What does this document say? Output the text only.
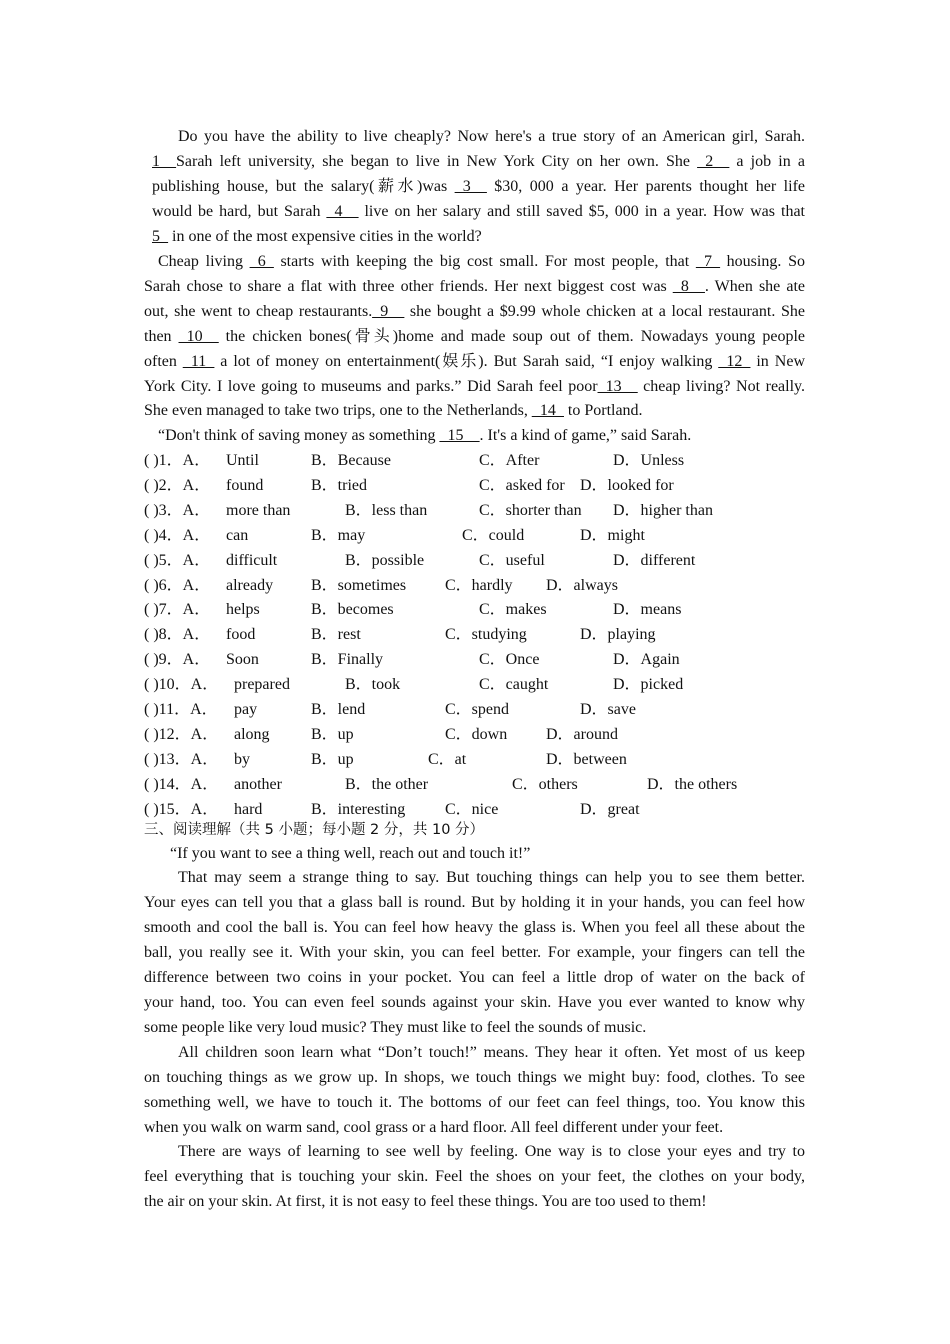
Do you have the ability to live cheaply? Now here's a true story of an American girl, Sarah.
1__Sarah left university, she began to live in New York City on her own. She _2__ a job in a
publishing house, but the salary(薪水)was _3__ $30, 000 a year. Her parents thought her life
would be hard, but Sarah _4__ live on her salary and still saved $5, 000 in a year. How was that
5_ in one of the most expensive cities in the world?
Cheap living _6_ starts with keeping the big cost small. For most people, that _7_ housing. So
Sarah chose to share a flat with three other friends. Her next biggest cost was _8__. When she ate
out, she went to cheap restaurants._9__ she bought a $9.99 whole chicken at a local restaurant. She
then _10__ the chicken bones(骨头)home and made soup out of them. Nowadays young people
often _11_ a lot of money on entertainment(娱乐). But Sarah said, “I enjoy walking _12_ in New
York City. I love going to museums and parks.” Did Sarah feel poor_13__ cheap living? Not really.
She even managed to take two trips, one to the Netherlands, _14_ to Portland.
“Don't think of saving money as something _15__. It's a kind of game,” said Sarah.
( )1．A． Until	B．Because	C．After	D．Unless
( )2．A． found	B．tried	C．asked for D．looked for
( )3．A． more than	B．less than	C．shorter than D．higher than
( )4．A． can	B．may	C．could	D．might
( )5．A． difficult	B．possible	C．useful	D．different
( )6．A． already B．sometimes C．hardly D．always
( )7．A． helps	B．becomes	C．makes	D．means
( )8．A． food	B．rest	C．studying	D．playing
( )9．A． Soon	B．Finally	C．Once	D．Again
( )10．A． prepared	B．took	C．caught	D．picked
( )11．A． pay	B．lend	C．spend	D．save
( )12．A． along	B．up	C．down D．around
( )13．A． by	B．up	C．at	D．between
( )14．A． another	B．the other	C．others	D．the others
( )15．A． hard	B．interesting C．nice	D．great
三、阅读理解（共 5 小题；每小题 2 分，共 10 分）
“If you want to see a thing well, reach out and touch it!”
That may seem a strange thing to say. But touching things can help you to see them better.
Your eyes can tell you that a glass ball is round. But by holding it in your hands, you can feel how
smooth and cool the ball is. You can feel how heavy the glass is. When you feel all these about the
ball, you really see it. With your skin, you can feel better. For example, your fingers can tell the
difference between two coins in your pocket. You can feel a little drop of water on the back of
your hand, too. You can even feel sounds against your skin. Have you ever wanted to know why
some people like very loud music? They must like to feel the sounds of music.
All children soon learn what “Don’t touch!” means. They hear it often. Yet most of us keep
on touching things as we grow up. In shops, we touch things we might buy: food, clothes. To see
something well, we have to touch it. The bottoms of our feet can feel things, too. You know this
when you walk on warm sand, cool grass or a hard floor. All feel different under your feet.
There are ways of learning to see well by feeling. One way is to close your eyes and try to
feel everything that is touching your skin. Feel the shoes on your feet, the clothes on your body,
the air on your skin. At first, it is not easy to feel these things. You are too used to them!
